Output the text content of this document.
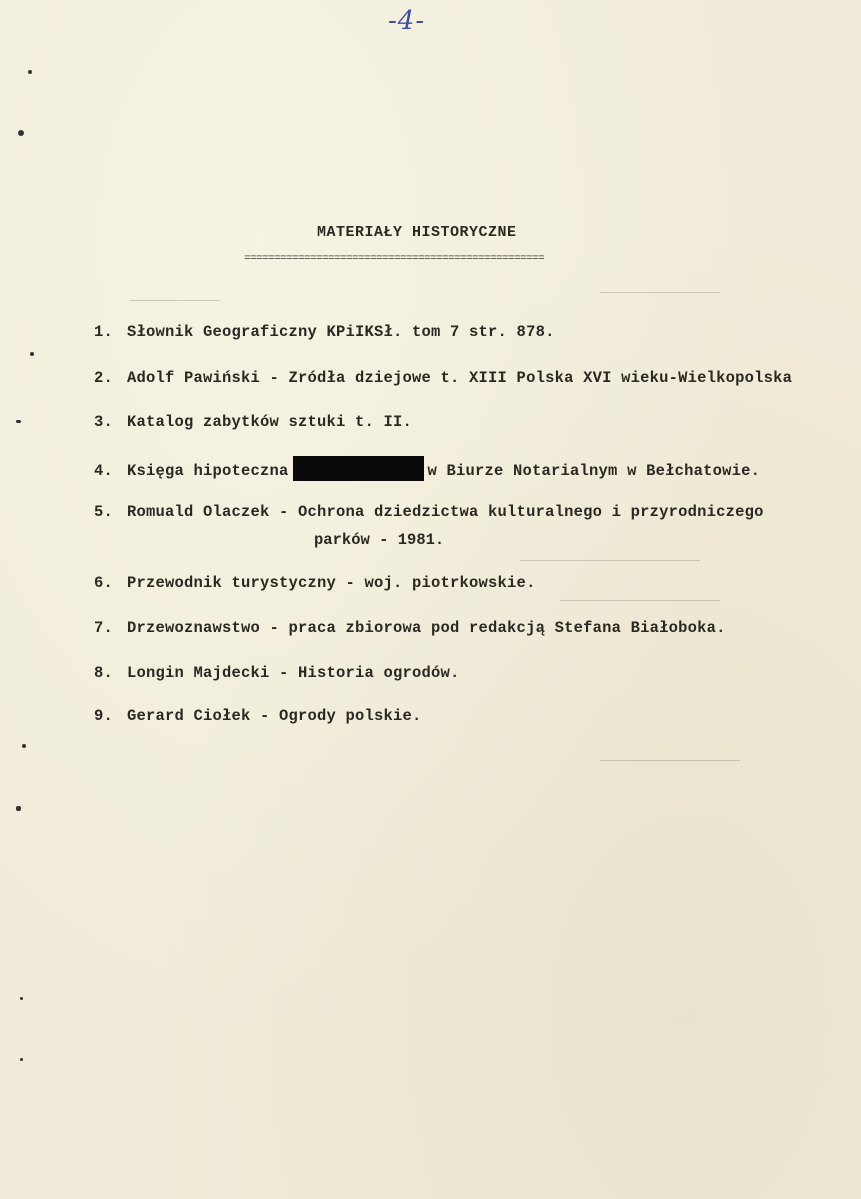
-4-
MATERIAŁY HISTORYCZNE
==================================================
1. Słownik Geograficzny KPiIKSł. tom 7 str. 878.
2. Adolf Pawiński - Zródła dziejowe t. XIII Polska XVI wieku-Wielkopolska
3. Katalog zabytków sztuki t. II.
4. Księga hipoteczna	w Biurze Notarialnym w Bełchatowie.
5. Romuald Olaczek - Ochrona dziedzictwa kulturalnego i przyrodniczego
parków - 1981.
6. Przewodnik turystyczny - woj. piotrkowskie.
7. Drzewoznawstwo - praca zbiorowa pod redakcją Stefana Białoboka.
8. Longin Majdecki - Historia ogrodów.
9. Gerard Ciołek - Ogrody polskie.
